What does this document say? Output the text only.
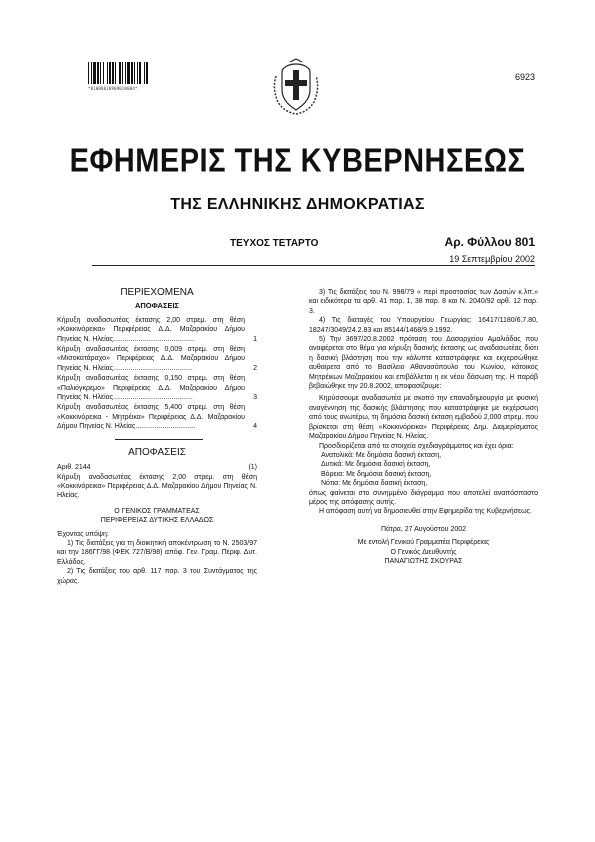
*01008010909020004*
6923
ΕΦΗΜΕΡΙΣ ΤΗΣ ΚΥΒΕΡΝΗΣΕΩΣ
ΤΗΣ ΕΛΛΗΝΙΚΗΣ ΔΗΜΟΚΡΑΤΙΑΣ
ΤΕΥΧΟΣ ΤΕΤΑΡΤΟ	Αρ. Φύλλου 801
19 Σεπτεμβρίου 2002
ΠΕΡΙΕΧΟΜΕΝΑ
ΑΠΟΦΑΣΕΙΣ
Κήρυξη αναδασωτέας έκτασης 2,00 στρεμ. στη θέση «Κοκκινόρεικα» Περιφέρειας Δ.Δ. Μαζαρακίου Δήμου Πηνείας Ν. Ηλείας..........................................	1
Κήρυξη αναδασωτέας έκτασης 0,009 στρεμ. στη θέση «Μισοκατάραχο» Περιφέρειας Δ.Δ. Μαζαρακίου Δήμου Πηνείας Ν. Ηλείας.........................................	2
Κήρυξη αναδασωτέας έκτασης 0,150 στρεμ. στη θέση «Παλιόγκρεμο» Περιφέρειας Δ.Δ. Μαζαρακίου Δήμου Πηνείας Ν. Ηλείας.........................................	3
Κήρυξη αναδασωτέας έκτασης 5,400 στρεμ. στη θέση «Κοκκινόρεικα - Μητρέικα» Περιφέρειας Δ.Δ. Μαζαρακίου Δήμου Πηνείας Ν. Ηλείας...............................	4
ΑΠΟΦΑΣΕΙΣ
Αριθ. 2144	(1)
Κήρυξη αναδασωτέας έκτασης 2,00 στρεμ. στη θέση «Κοκκινόρεικα» Περιφέρειας Δ.Δ. Μαζαρακίου Δήμου Πηνείας Ν. Ηλείας.
Ο ΓΕΝΙΚΟΣ ΓΡΑΜΜΑΤΕΑΣ
ΠΕΡΙΦΕΡΕΙΑΣ ΔΥΤΙΚΗΣ ΕΛΛΑΔΟΣ
Έχοντας υπόψη:

1) Τις διατάξεις για τη διοικητική αποκέντρωση το Ν. 2503/97 και την 186ΓΓ/98 (ΦΕΚ 727/Β/98) απόφ. Γεν. Γραμ. Περιφ. Δυτ. Ελλάδος.

2) Τις διατάξεις του αρθ. 117 παρ. 3 του Συντάγματος της χώρας.

3) Τις διατάξεις του Ν. 998/79 « περί προστασίας των Δασών κ.λπ.» και ειδικότερα τα αρθ. 41 παρ. 1, 38 παρ. 8 και Ν. 2040/92 αρθ. 12 παρ. 3.

4) Τις διαταγές του Υπουργείου Γεωργίας: 16417/1180/6.7.80, 18247/3049/24.2.83 και 85144/1468/9.9.1992.

5) Την 3697/20.8.2002 πρόταση του Δασαρχείου Αμαλιάδας που αναφέρεται στο θέμα για κήρυξη δασικής έκτασης ως αναδασωτέας διότι η δασική βλάστηση που την κάλυπτε καταστράφηκε και εκχερσώθηκε αυθαίρετα από το Βασίλειο Αθανασόπουλο του Κωνίου, κάτοικος Μητρέικων Μαζαρακίου και επιβάλλεται η εκ νέου δάσωση της. Η παράβ βεβαιώθηκε την 20.8.2002, αποφασίζουμε:

Κηρύσσουμε αναδασωτέα με σκοπό την επαναδημιουργία με φυσική αναγέννηση της δασικής βλάστησης που καταστράφηκε με εκχέρσωση από τους ανωτέρω, τη δημόσια δασική έκταση εμβαδού 2,000 στρεμ. που βρίσκεται στη θέση «Κοκκινόρεικα» Περιφέρειας Δημ. Διαμερίσματος Μαζαρακίου Δήμου Πηνείας Ν. Ηλείας.

Προσδιορίζεται από τα στοιχεία σχεδιαγράμματος και έχει όρια:

Ανατολικά: Με δημόσια δασική έκταση,
Δυτικά: Με δημόσια δασική έκταση,
Βόρεια: Με δημόσια δασική έκταση,
Νότια: Με δημόσια δασική έκταση,
όπως φαίνεται στο συνημμένο διάγραμμα που αποτελεί αναπόσπαστο μέρος της απόφασης αυτής.

Η απόφαση αυτή να δημοσιευθεί στην Εφημερίδα της Κυβερνήσεως.

Πάτρα, 27 Αυγούστου 2002
Με εντολή Γενικού Γραμματέα Περιφέρειας
Ο Γενικός Διευθυντής
ΠΑΝΑΓΙΩΤΗΣ ΣΚΟΥΡΑΣ
